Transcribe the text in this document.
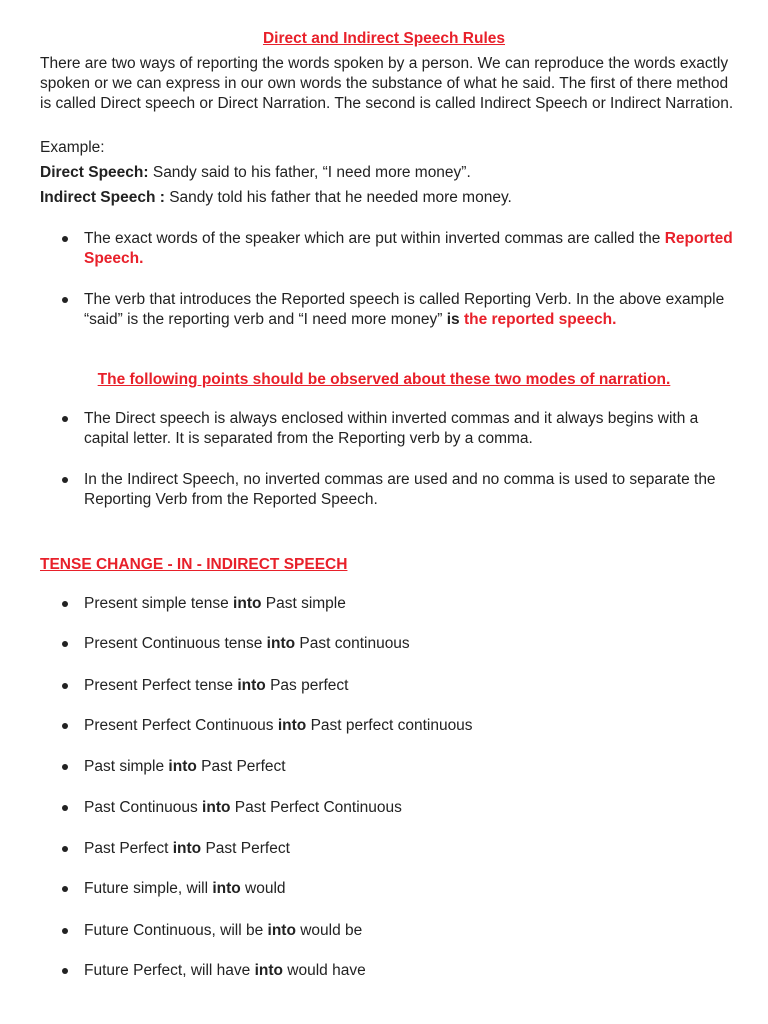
Direct and Indirect Speech Rules

There are two ways of reporting the words spoken by a person. We can reproduce the words exactly spoken or we can express in our own words the substance of what he said. The first of there method is called Direct speech or Direct Narration. The second is called Indirect Speech or Indirect Narration.

Example:

Direct Speech: Sandy said to his father, “I need more money”.

Indirect Speech : Sandy told his father that he needed more money.

The exact words of the speaker which are put within inverted commas are called the Reported Speech.
The verb that introduces the Reported speech is called Reporting Verb. In the above example “said” is the reporting verb and “I need more money” is the reported speech.

The following points should be observed about these two modes of narration.

The Direct speech is always enclosed within inverted commas and it always begins with a capital letter. It is separated from the Reporting verb by a comma.
In the Indirect Speech, no inverted commas are used and no comma is used to separate the Reporting Verb from the Reported Speech.

TENSE CHANGE - IN - INDIRECT SPEECH

Present simple tense into Past simple
Present Continuous tense into Past continuous
Present Perfect tense into Pas perfect
Present Perfect Continuous into Past perfect continuous
Past simple into Past Perfect
Past Continuous into Past Perfect Continuous
Past Perfect into Past Perfect
Future simple, will into would
Future Continuous, will be into would be
Future Perfect, will have into would have
